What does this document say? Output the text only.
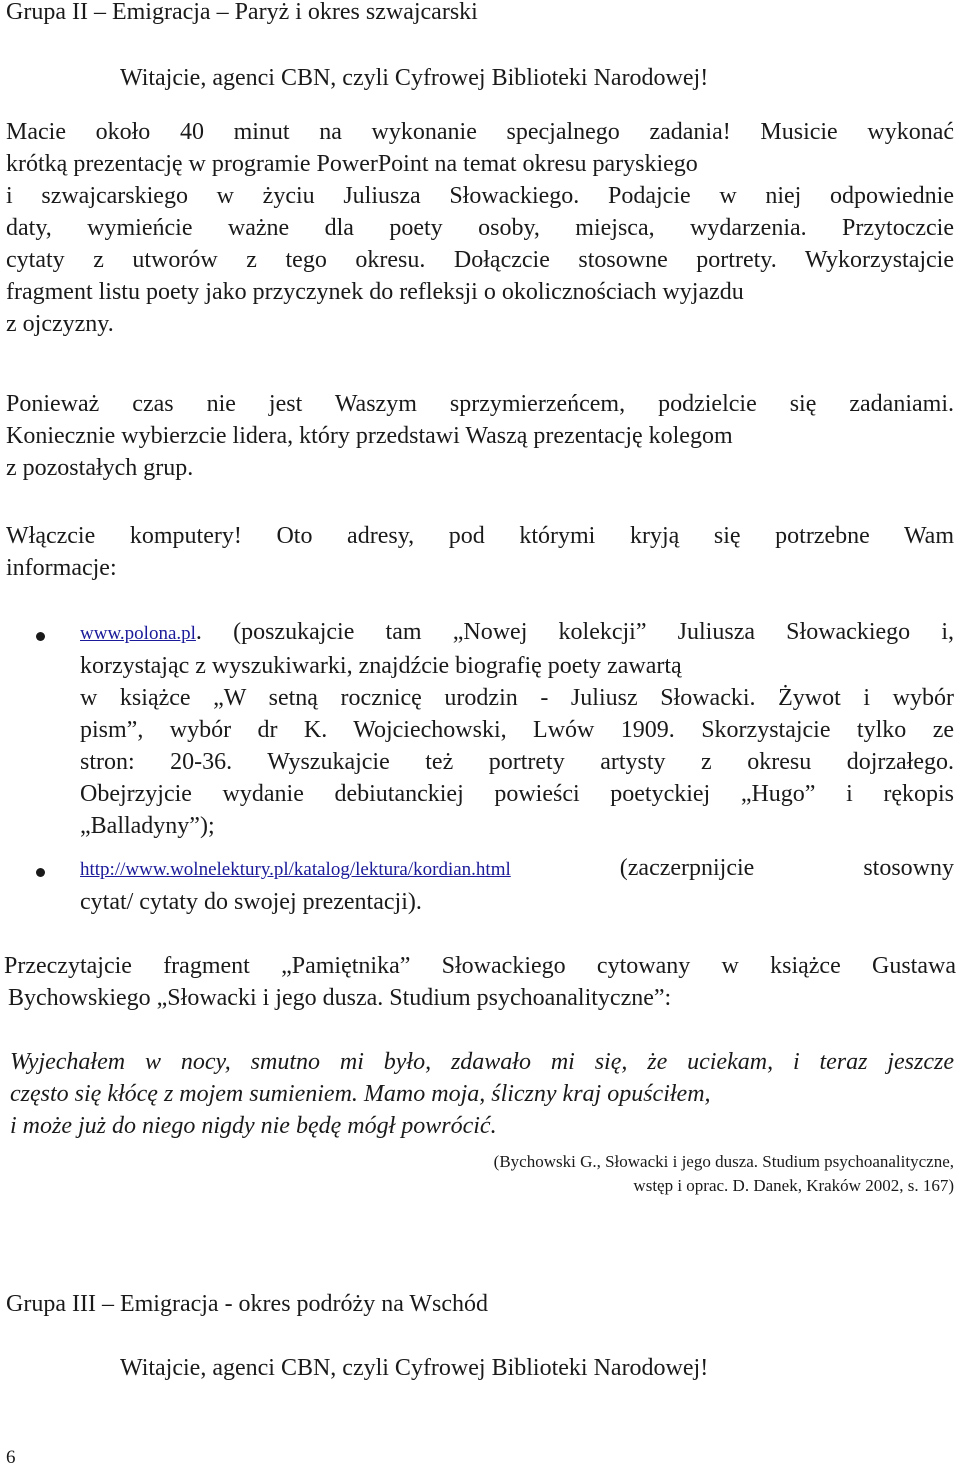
Grupa II – Emigracja – Paryż i okres szwajcarski
Witajcie, agenci CBN, czyli Cyfrowej Biblioteki Narodowej!
Macie około 40 minut na wykonanie specjalnego zadania! Musicie wykonać
krótką prezentację w programie PowerPoint na temat okresu paryskiego
i szwajcarskiego w życiu Juliusza Słowackiego. Podajcie w niej odpowiednie
daty, wymieńcie ważne dla poety osoby, miejsca, wydarzenia. Przytoczcie
cytaty z utworów z tego okresu. Dołączcie stosowne portrety. Wykorzystajcie
fragment listu poety jako przyczynek do refleksji o okolicznościach wyjazdu
z ojczyzny.
Ponieważ czas nie jest Waszym sprzymierzeńcem, podzielcie się zadaniami.
Koniecznie wybierzcie lidera, który przedstawi Waszą prezentację kolegom
z pozostałych grup.
Włączcie komputery! Oto adresy, pod którymi kryją się potrzebne Wam
informacje:
www.polona.pl. (poszukajcie tam „Nowej kolekcji” Juliusza Słowackiego i,
korzystając z wyszukiwarki, znajdźcie biografię poety zawartą
w książce „W setną rocznicę urodzin - Juliusz Słowacki. Żywot i wybór
pism”, wybór dr K. Wojciechowski, Lwów 1909. Skorzystajcie tylko ze
stron: 20-36. Wyszukajcie też portrety artysty z okresu dojrzałego.
Obejrzyjcie wydanie debiutanckiej powieści poetyckiej „Hugo” i rękopis
„Balladyny”);
http://www.wolnelektury.pl/katalog/lektura/kordian.html (zaczerpnijcie stosowny
cytat/ cytaty do swojej prezentacji).
Przeczytajcie fragment „Pamiętnika” Słowackiego cytowany w książce Gustawa
Bychowskiego „Słowacki i jego dusza. Studium psychoanalityczne”:
Wyjechałem w nocy, smutno mi było, zdawało mi się, że uciekam, i teraz jeszcze
często się kłócę z mojem sumieniem. Mamo moja, śliczny kraj opuściłem,
i może już do niego nigdy nie będę mógł powrócić.
(Bychowski G., Słowacki i jego dusza. Studium psychoanalityczne,
wstęp i oprac. D. Danek, Kraków 2002, s. 167)
Grupa III – Emigracja - okres podróży na Wschód
Witajcie, agenci CBN, czyli Cyfrowej Biblioteki Narodowej!
6
